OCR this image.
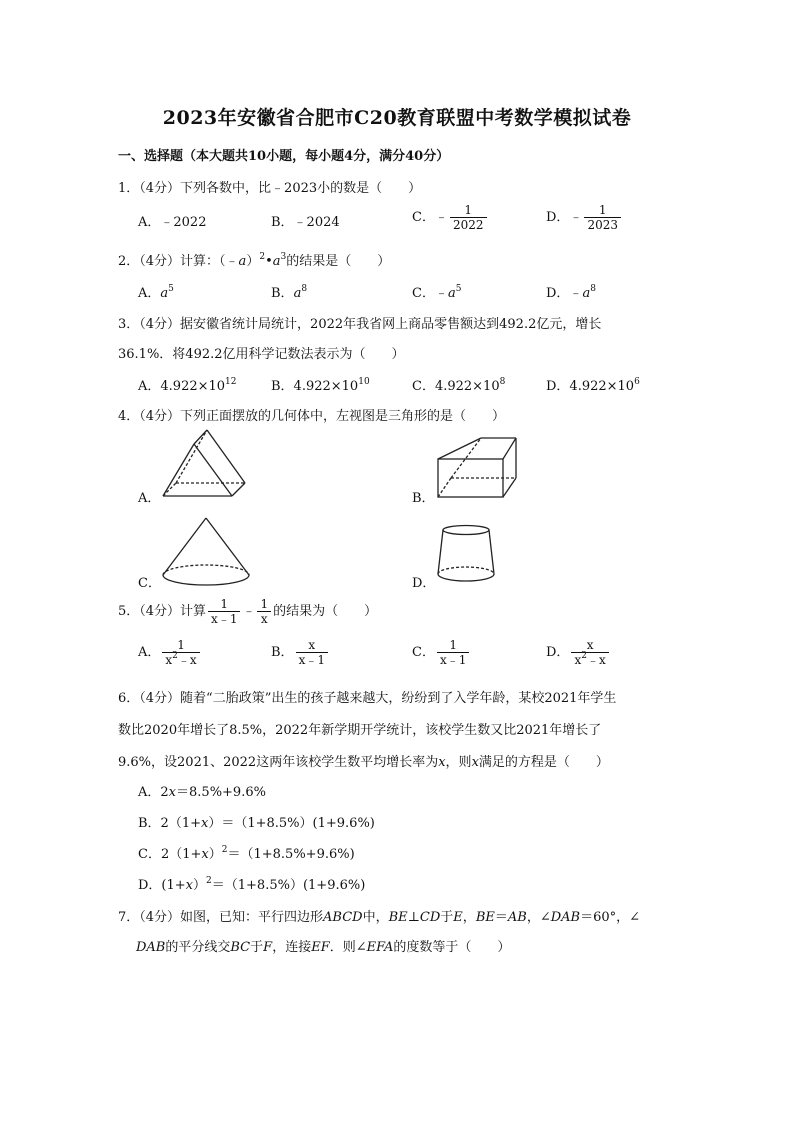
2023年安徽省合肥市C20教育联盟中考数学模拟试卷
一、选择题（本大题共10小题，每小题4分，满分40分）
1．（4分）下列各数中，比﹣2023小的数是（　　）
A．﹣2022	B．﹣2024	C．﹣ $\frac{1}{2022}$	D．﹣ $\frac{1}{2023}$
2．（4分）计算：$(﹣a)^2•a^3$的结果是（　　）
A．$a^5$	B．$a^8$	C．$﹣a^5$	D．$﹣a^8$
3．（4分）据安徽省统计局统计，2022年我省网上商品零售额达到492.2亿元，增长
36.1%．将492.2亿用科学记数法表示为（　　）
A．$4.922\times 10^{12}$	B．$4.922\times 10^{10}$	C．$4.922\times 10^8$	D．$4.922\times 10^6$
4．（4分）下列正面摆放的几何体中，左视图是三角形的是（　　）
A．	B．
C．	D．
5．（4分）计算 $\frac{1}{x﹣1}$ ﹣ $\frac{1}{x}$ 的结果为（　　）
A． $\frac{1}{x^2﹣x}$	B． $\frac{x}{x﹣1}$	C． $\frac{1}{x﹣1}$	D． $\frac{x}{x^2﹣x}$
6．（4分）随着“二胎政策”出生的孩子越来越大，纷纷到了入学年龄，某校2021年学生
数比2020年增长了8.5%，2022年新学期开学统计，该校学生数又比2021年增长了
9.6%，设2021、2022这两年该校学生数平均增长率为x，则x满足的方程是（　　）
A．2x＝8.5%+9.6%
B．2（1+x）＝（1+8.5%）(1+9.6%)
C．$2(1+x)^2=(1+8.5\%+9.6\%)$
D．(1+x）$^2$＝（1+8.5%）(1+9.6%)
7．（4分）如图，已知：平行四边形ABCD中，BE⊥CD于E，BE＝AB，∠DAB＝60°，∠
DAB的平分线交BC于F，连接EF．则∠EFA的度数等于（　　）
